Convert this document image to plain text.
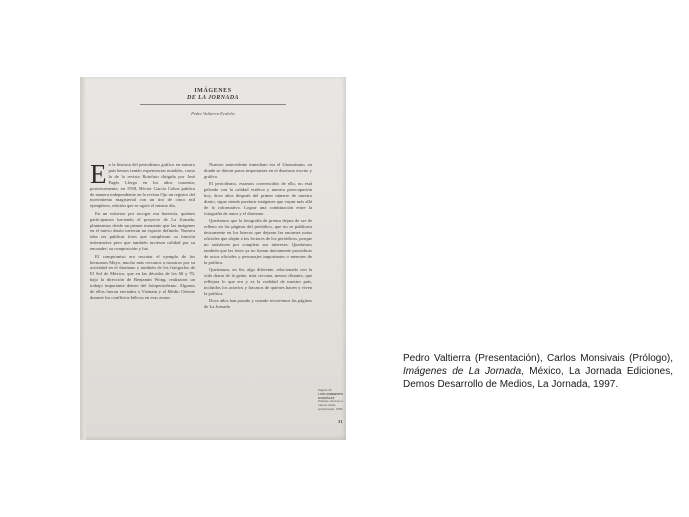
IMÁGENES
DE LA JORNADA
Pedro Valtierra Ecaleño
E n la historia del periodismo gráfico en nuestro país hemos tenido experiencias notables, como la de la revista Rotofoto dirigida por José Pagés Llergo en los años cuarenta; posteriormente, en 1958, Héctor García Cobos publica de manera independiente en la revista Ojo un registro del movimiento magisterial con un tiro de cinco mil ejemplares, edición que se agotó el mismo día.

En un esfuerzo por recoger esa herencia, quienes participamos haciendo el proyecto de La Jornada, planteamos desde un primer momento que las imágenes en el nuevo diario tuvieran un espacio definido. Nuestra idea era publicar fotos que cumplieran su función informativa pero que también tuviesen calidad por su encuadre, su composición y luz.

El compromiso era rescatar el ejemplo de los hermanos Mayo, mucho más cercanos a nosotros por su actividad en el diarismo y también de los fotógrafos de El Sol de México, que en las décadas de los 60 y 70, bajo la dirección de Benjamín Wong, realizaron un trabajo importante dentro del fotoperiodismo. Algunos de ellos fueron enviados a Vietnam y al Medio Oriente durante los conflictos bélicos en esas zonas.

Nuestro antecedente inmediato era el Unomásuno, en donde se dieron pasos importantes en el diarismo escrito y gráfico.

El periodismo, estamos convencidos de ello, no está peleado con la calidad estética y nuestra preocupación hoy, doce años después del primer número de nuestro diario, sigue siendo producir imágenes que vayan más allá de lo informativo. Lograr una combinación entre la fotografía de autor y el diarismo.

Queríamos que la fotografía de prensa dejara de ser de relleno en las páginas del periódico, que no se publicara únicamente en los huecos que dejaran las enormes notas oficiales que aleján a los lectores de los periódicos, porque no satisfacen por completo sus intereses. Queríamos también que las fotos ya no fueran únicamente prosódicas de actos oficiales y personajes importantes o menores de la política.

Queríamos, en fin, algo diferente, relacionado con la vida diaria de la gente, más cercana, menos distante, que reflejara lo que era y es la realidad de nuestro país, incluidos los aciertos y fracasos de quienes hacen y viven la política.

Doce años han pasado y cuando recorremos las páginas de La Jornada

Página 35
LUIS HUMBERTO GONZÁLEZ
Policías caminan a manos vistas accidentado. 1989
31
Pedro Valtierra (Presentación), Carlos Monsivais (Prólogo), Imágenes de La Jornada, México, La Jornada Ediciones, Demos Desarrollo de Medios, La Jornada, 1997.
